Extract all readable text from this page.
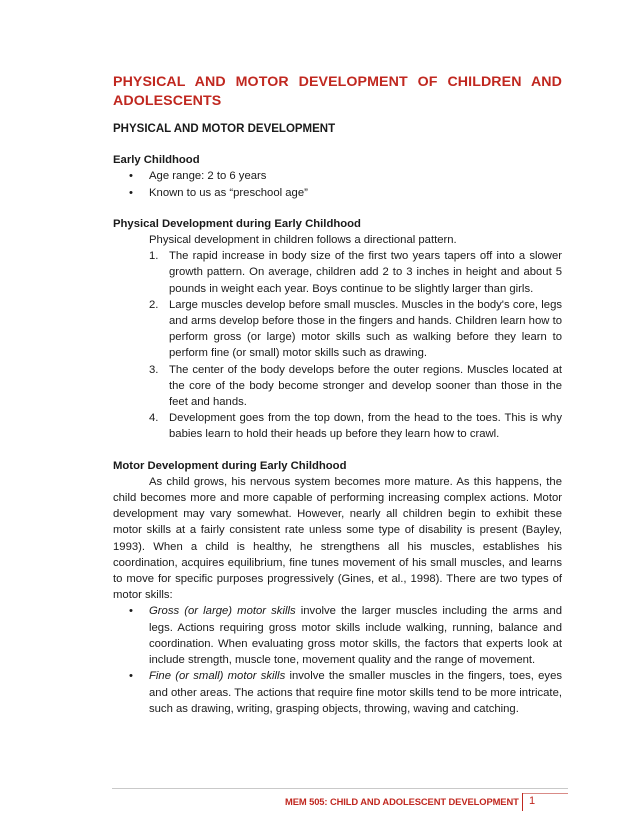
PHYSICAL AND MOTOR DEVELOPMENT OF CHILDREN AND ADOLESCENTS

PHYSICAL AND MOTOR DEVELOPMENT

Early Childhood

• Age range: 2 to 6 years
• Known to us as “preschool age”

Physical Development during Early Childhood

Physical development in children follows a directional pattern.

1. The rapid increase in body size of the first two years tapers off into a slower growth pattern. On average, children add 2 to 3 inches in height and about 5 pounds in weight each year. Boys continue to be slightly larger than girls.
2. Large muscles develop before small muscles. Muscles in the body's core, legs and arms develop before those in the fingers and hands. Children learn how to perform gross (or large) motor skills such as walking before they learn to perform fine (or small) motor skills such as drawing.
3. The center of the body develops before the outer regions. Muscles located at the core of the body become stronger and develop sooner than those in the feet and hands.
4. Development goes from the top down, from the head to the toes. This is why babies learn to hold their heads up before they learn how to crawl.

Motor Development during Early Childhood

As child grows, his nervous system becomes more mature. As this happens, the child becomes more and more capable of performing increasing complex actions. Motor development may vary somewhat. However, nearly all children begin to exhibit these motor skills at a fairly consistent rate unless some type of disability is present (Bayley, 1993). When a child is healthy, he strengthens all his muscles, establishes his coordination, acquires equilibrium, fine tunes movement of his small muscles, and learns to move for specific purposes progressively (Gines, et al., 1998). There are two types of motor skills:

• Gross (or large) motor skills involve the larger muscles including the arms and legs. Actions requiring gross motor skills include walking, running, balance and coordination. When evaluating gross motor skills, the factors that experts look at include strength, muscle tone, movement quality and the range of movement.
• Fine (or small) motor skills involve the smaller muscles in the fingers, toes, eyes and other areas. The actions that require fine motor skills tend to be more intricate, such as drawing, writing, grasping objects, throwing, waving and catching.
MEM 505: CHILD AND ADOLESCENT DEVELOPMENT 1
